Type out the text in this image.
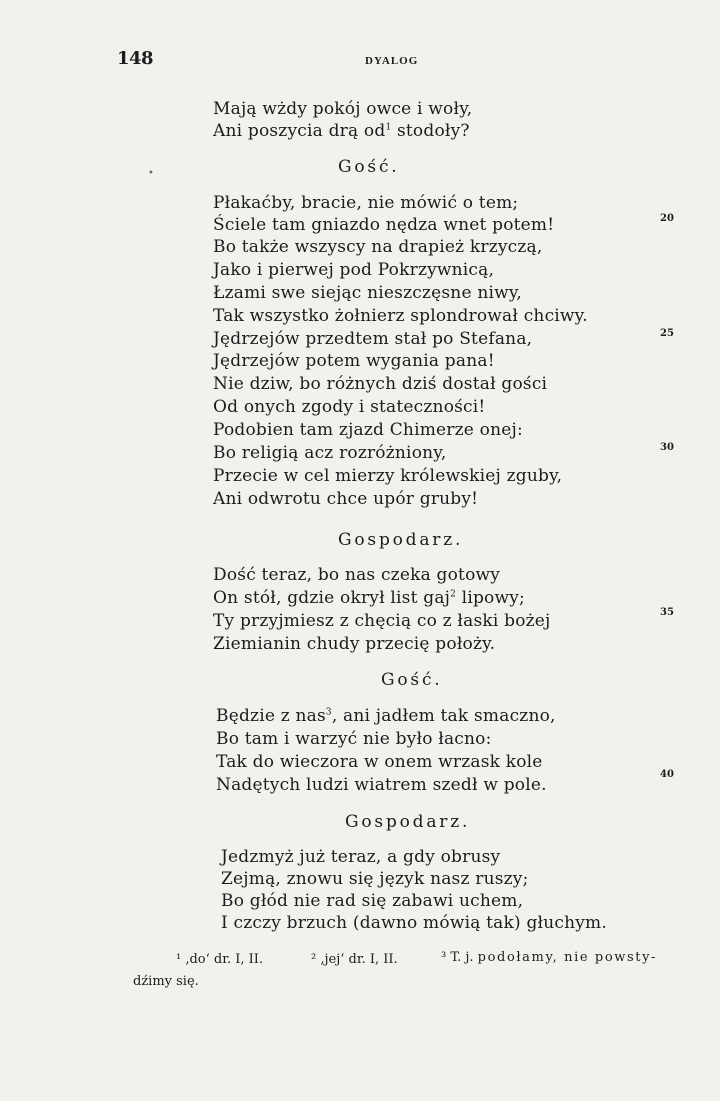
148	DYALOG
•
Mają wżdy pokój owce i woły,
Ani poszycia drą $od^1$ stodoły?
Gość.
Płakaćby, bracie, nie mówić o tem;
Ściele tam gniazdo nędza wnet potem!
Bo także wszyscy na drapież krzyczą,
Jako i pierwej pod Pokrzywnicą,
Łzami swe siejąc nieszczęsne niwy,
Tak wszystko żołnierz splondrował chciwy.
Jędrzejów przedtem stał po Stefana,
Jędrzejów potem wygania pana!
Nie dziw, bo różnych dziś dostał gości
Od onych zgody i stateczności!
Podobien tam zjazd Chimerze onej:
Bo religią acz rozróżniony,
Przecie w cel mierzy królewskiej zguby,
Ani odwrotu chce upór gruby!
Gospodarz.
Dość teraz, bo nas czeka gotowy
On stół, gdzie okrył list gaj$^2$ lipowy;
Ty przyjmiesz z chęcią co z łaski bożej
Ziemianin chudy przecię położy.
Gość.
Będzie z nas$^3$, ani jadłem tak smaczno,
Bo tam i warzyć nie było łacno:
Tak do wieczora w onem wrzask kole
Nadętych ludzi wiatrem szedł w pole.
Gospodarz.
Jedzmyż już teraz, a gdy obrusy
Zejmą, znowu się język nasz ruszy;
Bo głód nie rad się zabawi uchem,
I czczy brzuch (dawno mówią tak) głuchym.
20
25
30
35
40
¹ ‚do‘ dr. I, II.	² ‚jej‘ dr. I, II.	³ T. j. podołamy, nie powsty-
dźimy się.
